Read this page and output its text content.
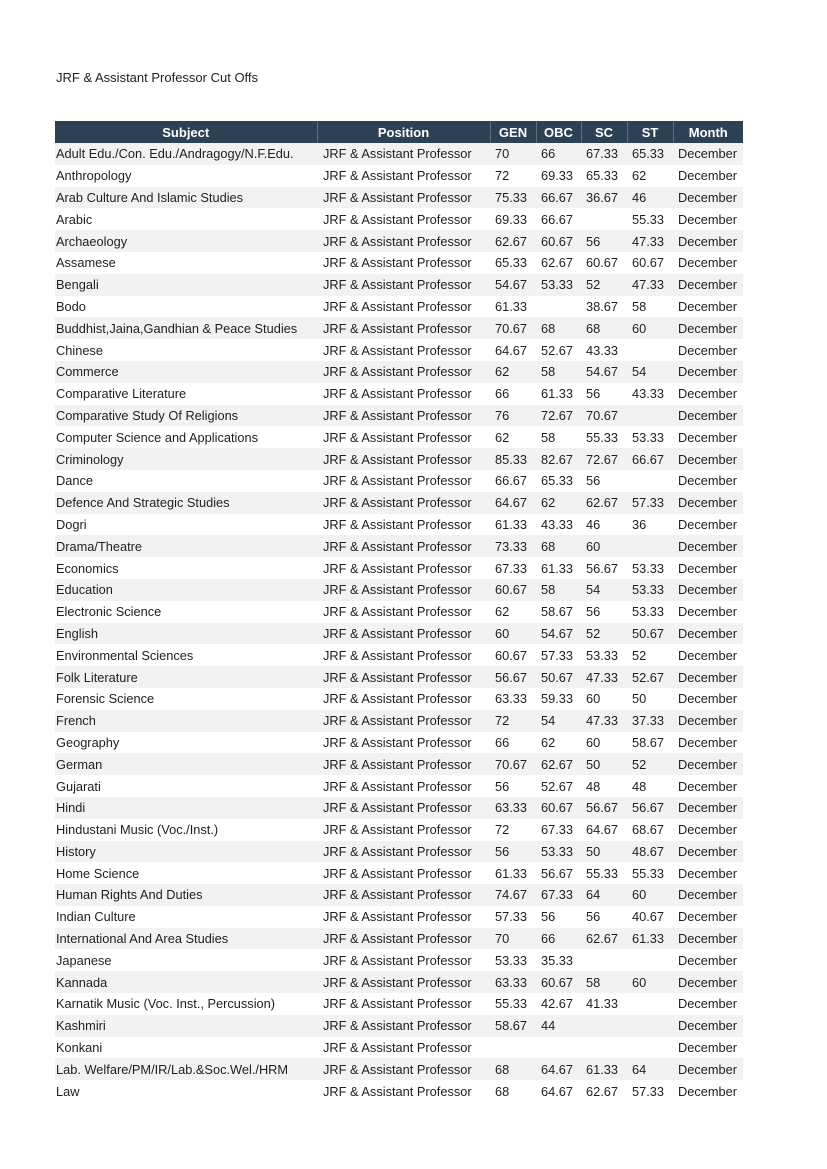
JRF & Assistant Professor Cut Offs
Subject	Position	GEN	OBC	SC	ST	Month
Adult Edu./Con. Edu./Andragogy/N.F.Edu.	JRF & Assistant Professor	70	66	67.33	65.33	December
Anthropology	JRF & Assistant Professor	72	69.33	65.33	62	December
Arab Culture And Islamic Studies	JRF & Assistant Professor	75.33	66.67	36.67	46	December
Arabic	JRF & Assistant Professor	69.33	66.67		55.33	December
Archaeology	JRF & Assistant Professor	62.67	60.67	56	47.33	December
Assamese	JRF & Assistant Professor	65.33	62.67	60.67	60.67	December
Bengali	JRF & Assistant Professor	54.67	53.33	52	47.33	December
Bodo	JRF & Assistant Professor	61.33		38.67	58	December
Buddhist,Jaina,Gandhian & Peace Studies	JRF & Assistant Professor	70.67	68	68	60	December
Chinese	JRF & Assistant Professor	64.67	52.67	43.33		December
Commerce	JRF & Assistant Professor	62	58	54.67	54	December
Comparative Literature	JRF & Assistant Professor	66	61.33	56	43.33	December
Comparative Study Of Religions	JRF & Assistant Professor	76	72.67	70.67		December
Computer Science and Applications	JRF & Assistant Professor	62	58	55.33	53.33	December
Criminology	JRF & Assistant Professor	85.33	82.67	72.67	66.67	December
Dance	JRF & Assistant Professor	66.67	65.33	56		December
Defence And Strategic Studies	JRF & Assistant Professor	64.67	62	62.67	57.33	December
Dogri	JRF & Assistant Professor	61.33	43.33	46	36	December
Drama/Theatre	JRF & Assistant Professor	73.33	68	60		December
Economics	JRF & Assistant Professor	67.33	61.33	56.67	53.33	December
Education	JRF & Assistant Professor	60.67	58	54	53.33	December
Electronic Science	JRF & Assistant Professor	62	58.67	56	53.33	December
English	JRF & Assistant Professor	60	54.67	52	50.67	December
Environmental Sciences	JRF & Assistant Professor	60.67	57.33	53.33	52	December
Folk Literature	JRF & Assistant Professor	56.67	50.67	47.33	52.67	December
Forensic Science	JRF & Assistant Professor	63.33	59.33	60	50	December
French	JRF & Assistant Professor	72	54	47.33	37.33	December
Geography	JRF & Assistant Professor	66	62	60	58.67	December
German	JRF & Assistant Professor	70.67	62.67	50	52	December
Gujarati	JRF & Assistant Professor	56	52.67	48	48	December
Hindi	JRF & Assistant Professor	63.33	60.67	56.67	56.67	December
Hindustani Music (Voc./Inst.)	JRF & Assistant Professor	72	67.33	64.67	68.67	December
History	JRF & Assistant Professor	56	53.33	50	48.67	December
Home Science	JRF & Assistant Professor	61.33	56.67	55.33	55.33	December
Human Rights And Duties	JRF & Assistant Professor	74.67	67.33	64	60	December
Indian Culture	JRF & Assistant Professor	57.33	56	56	40.67	December
International And Area Studies	JRF & Assistant Professor	70	66	62.67	61.33	December
Japanese	JRF & Assistant Professor	53.33	35.33			December
Kannada	JRF & Assistant Professor	63.33	60.67	58	60	December
Karnatik Music (Voc. Inst., Percussion)	JRF & Assistant Professor	55.33	42.67	41.33		December
Kashmiri	JRF & Assistant Professor	58.67	44			December
Konkani	JRF & Assistant Professor					December
Lab. Welfare/PM/IR/Lab.&Soc.Wel./HRM	JRF & Assistant Professor	68	64.67	61.33	64	December
Law	JRF & Assistant Professor	68	64.67	62.67	57.33	December
